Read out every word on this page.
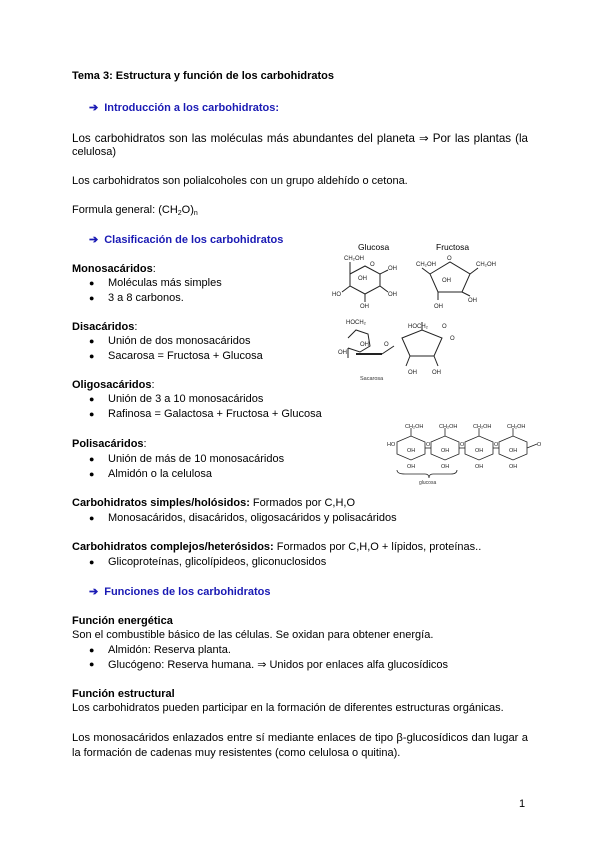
Tema 3: Estructura y función de los carbohidratos
➔ Introducción a los carbohidratos:
Los carbohidratos son las moléculas más abundantes del planeta ⇒ Por las plantas (la
celulosa)
Los carbohidratos son polialcoholes con un grupo aldehído o cetona.
Formula general: $(CH_2O)_n$
➔ Clasificación de los carbohidratos
Monosacáridos:
● Moléculas más simples
● 3 a 8 carbonos.
Disacáridos:
● Unión de dos monosacáridos
● Sacarosa = Fructosa + Glucosa
Oligosacáridos:
● Unión de 3 a 10 monosacáridos
● Rafinosa = Galactosa + Fructosa + Glucosa
Polisacáridos:
● Unión de más de 10 monosacáridos
● Almidón o la celulosa
Carbohidratos simples/holósidos: Formados por C,H,O
● Monosacáridos, disacáridos, oligosacáridos y polisacáridos
Carbohidratos complejos/heterósidos: Formados por C,H,O + lípidos, proteínas..
● Glicoproteínas, glicolípideos, gliconuclosidos
➔ Funciones de los carbohidratos
Función energética
Son el combustible básico de las células. Se oxidan para obtener energía.
● Almidón: Reserva planta.
● Glucógeno: Reserva humana. ⇒ Unidos por enlaces alfa glucosídicos
Función estructural
Los carbohidratos pueden participar en la formación de diferentes estructuras orgánicas.
Los monosacáridos enlazados entre sí mediante enlaces de tipo β-glucosídicos dan lugar a
la formación de cadenas muy resistentes (como celulosa o quitina).
1
Glucosa	Fructosa
CH₂OH
O
OH
HO
OH
OH
OH
CH₂OH
O
CH₂OH
OH
OH
OH
HOCH₂
OH
OH	O
HOCH₂ O
O
OH
OH
Sacarosa
CH₂OH	CH₂OH	CH₂OH	CH₂OH
HO
OH	OH	OH	OH
OH	OH	OH	OH
O	O	O	O
glucosa
